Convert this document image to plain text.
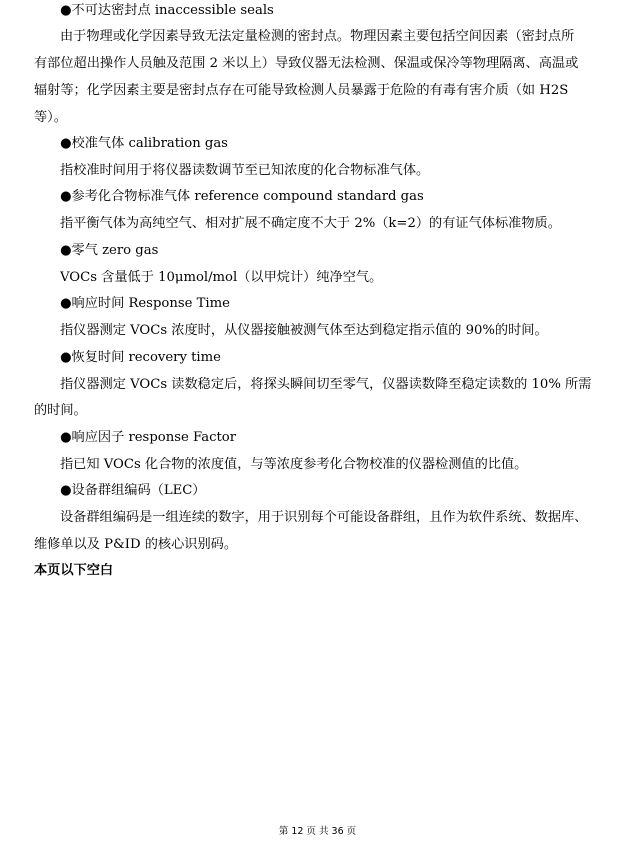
●不可达密封点 inaccessible seals
由于物理或化学因素导致无法定量检测的密封点。物理因素主要包括空间因素（密封点所
有部位超出操作人员触及范围 2 米以上）导致仪器无法检测、保温或保冷等物理隔离、高温或
辐射等；化学因素主要是密封点存在可能导致检测人员暴露于危险的有毒有害介质（如 H2S
等）。
●校准气体 calibration gas
指校准时间用于将仪器读数调节至已知浓度的化合物标准气体。
●参考化合物标准气体 reference compound standard gas
指平衡气体为高纯空气、相对扩展不确定度不大于 2%（k=2）的有证气体标准物质。
●零气 zero gas
VOCs 含量低于 10μmol/mol（以甲烷计）纯净空气。
●响应时间 Response Time
指仪器测定 VOCs 浓度时，从仪器接触被测气体至达到稳定指示值的 90%的时间。
●恢复时间 recovery time
指仪器测定 VOCs 读数稳定后，将探头瞬间切至零气，仪器读数降至稳定读数的 10% 所需
的时间。
●响应因子 response Factor
指已知 VOCs 化合物的浓度值，与等浓度参考化合物校准的仪器检测值的比值。
●设备群组编码（LEC）
设备群组编码是一组连续的数字，用于识别每个可能设备群组，且作为软件系统、数据库、
维修单以及 P&ID 的核心识别码。
本页以下空白
第 12 页 共 36 页
